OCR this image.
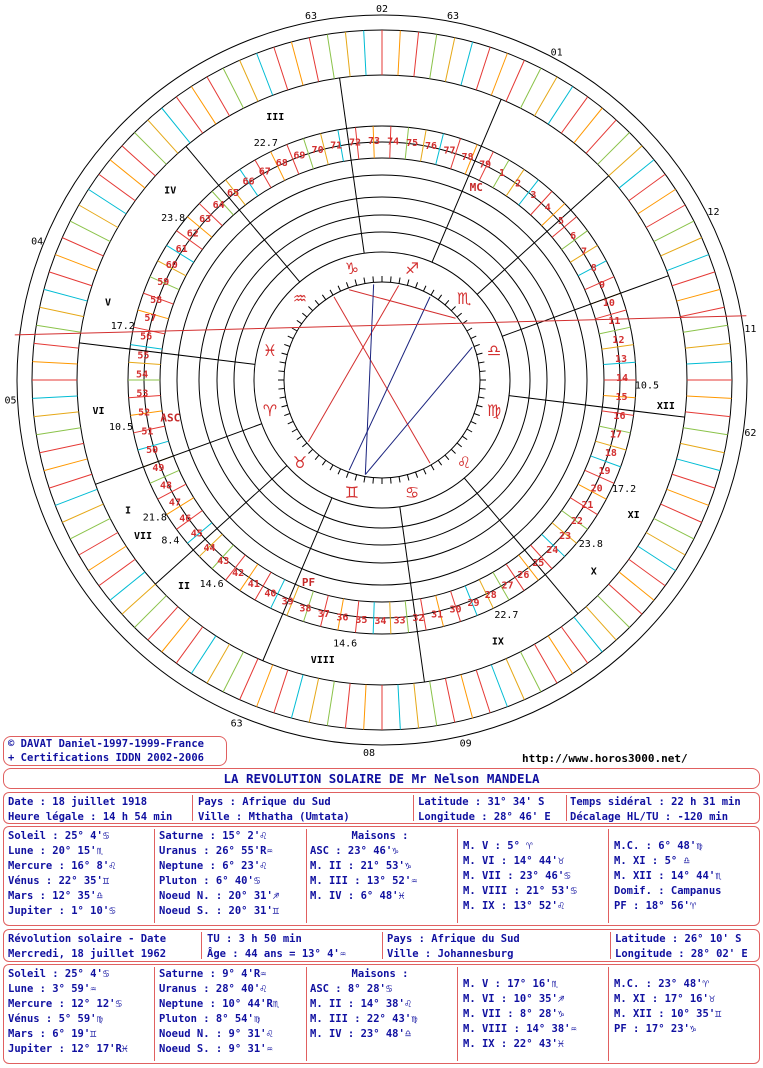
02
63
01
63
04
05
11
12
62
08
09
63
I
21.8
II 14.6
III
22.7
IV
23.8
V
17.2
VI
10.5
VII 8.4
VIII
14.6	IX
22.7
X
23.8
XI
17.2
XII
10.5
ASC
MC
PF
1
2
3
4
5
6
7
8
9
10
11
12
13
14
15
16
17
18
19
20
21
22
23
24
25
26
27
28
29
30
31
32
33
34
35
36
37
38
39
40
41
42
43
44
45
46
47
48
49
50
51
52
53
54
55
56
57
58
59
60
61
62
63
64
65
66
67
68
69
70 71 72 73 74 75 76 77
78
79
♈
♉
♊	♋
♌
♍
♎
♏
♐
♑
♒
♓
© DAVAT Daniel-1997-1999-France
+ Certifications IDDN 2002-2006	http://www.horos3000.net/
LA REVOLUTION SOLAIRE DE Mr Nelson MANDELA
Date : 18 juillet 1918
Heure légale : 14 h 54 min
Pays : Afrique du Sud
Ville : Mthatha (Umtata)
Latitude : 31° 34' S
Longitude : 28° 46' E
Temps sidéral : 22 h 31 min
Décalage HL/TU : -120 min
Soleil : 25° 4'♋
Lune : 20° 15'♏
Mercure : 16° 8'♌
Vénus : 22° 35'♊
Mars : 12° 35'♎
Jupiter : 1° 10'♋
Saturne : 15° 2'♌
Uranus : 26° 55'R♒
Neptune : 6° 23'♌
Pluton : 6° 40'♋
Noeud N. : 20° 31'♐
Noeud S. : 20° 31'♊
Maisons :
ASC : 23° 46'♑
M. II : 21° 53'♑
M. III : 13° 52'♒
M. IV : 6° 48'♓
M. V : 5° ♈
M. VI : 14° 44'♉
M. VII : 23° 46'♋
M. VIII : 21° 53'♋
M. IX : 13° 52'♌
M.C. : 6° 48'♍
M. XI : 5° ♎
M. XII : 14° 44'♏
Domif. : Campanus
PF : 18° 56'♈
Révolution solaire - Date
Mercredi, 18 juillet 1962
TU : 3 h 50 min
Âge : 44 ans = 13° 4'♒
Pays : Afrique du Sud
Ville : Johannesburg
Latitude : 26° 10' S
Longitude : 28° 02' E
Soleil : 25° 4'♋
Lune : 3° 59'♒
Mercure : 12° 12'♋
Vénus : 5° 59'♍
Mars : 6° 19'♊
Jupiter : 12° 17'R♓
Saturne : 9° 4'R♒
Uranus : 28° 40'♌
Neptune : 10° 44'R♏
Pluton : 8° 54'♍
Noeud N. : 9° 31'♌
Noeud S. : 9° 31'♒
Maisons :
ASC : 8° 28'♋
M. II : 14° 38'♌
M. III : 22° 43'♍
M. IV : 23° 48'♎
M. V : 17° 16'♏
M. VI : 10° 35'♐
M. VII : 8° 28'♑
M. VIII : 14° 38'♒
M. IX : 22° 43'♓
M.C. : 23° 48'♈
M. XI : 17° 16'♉
M. XII : 10° 35'♊
PF : 17° 23'♑
